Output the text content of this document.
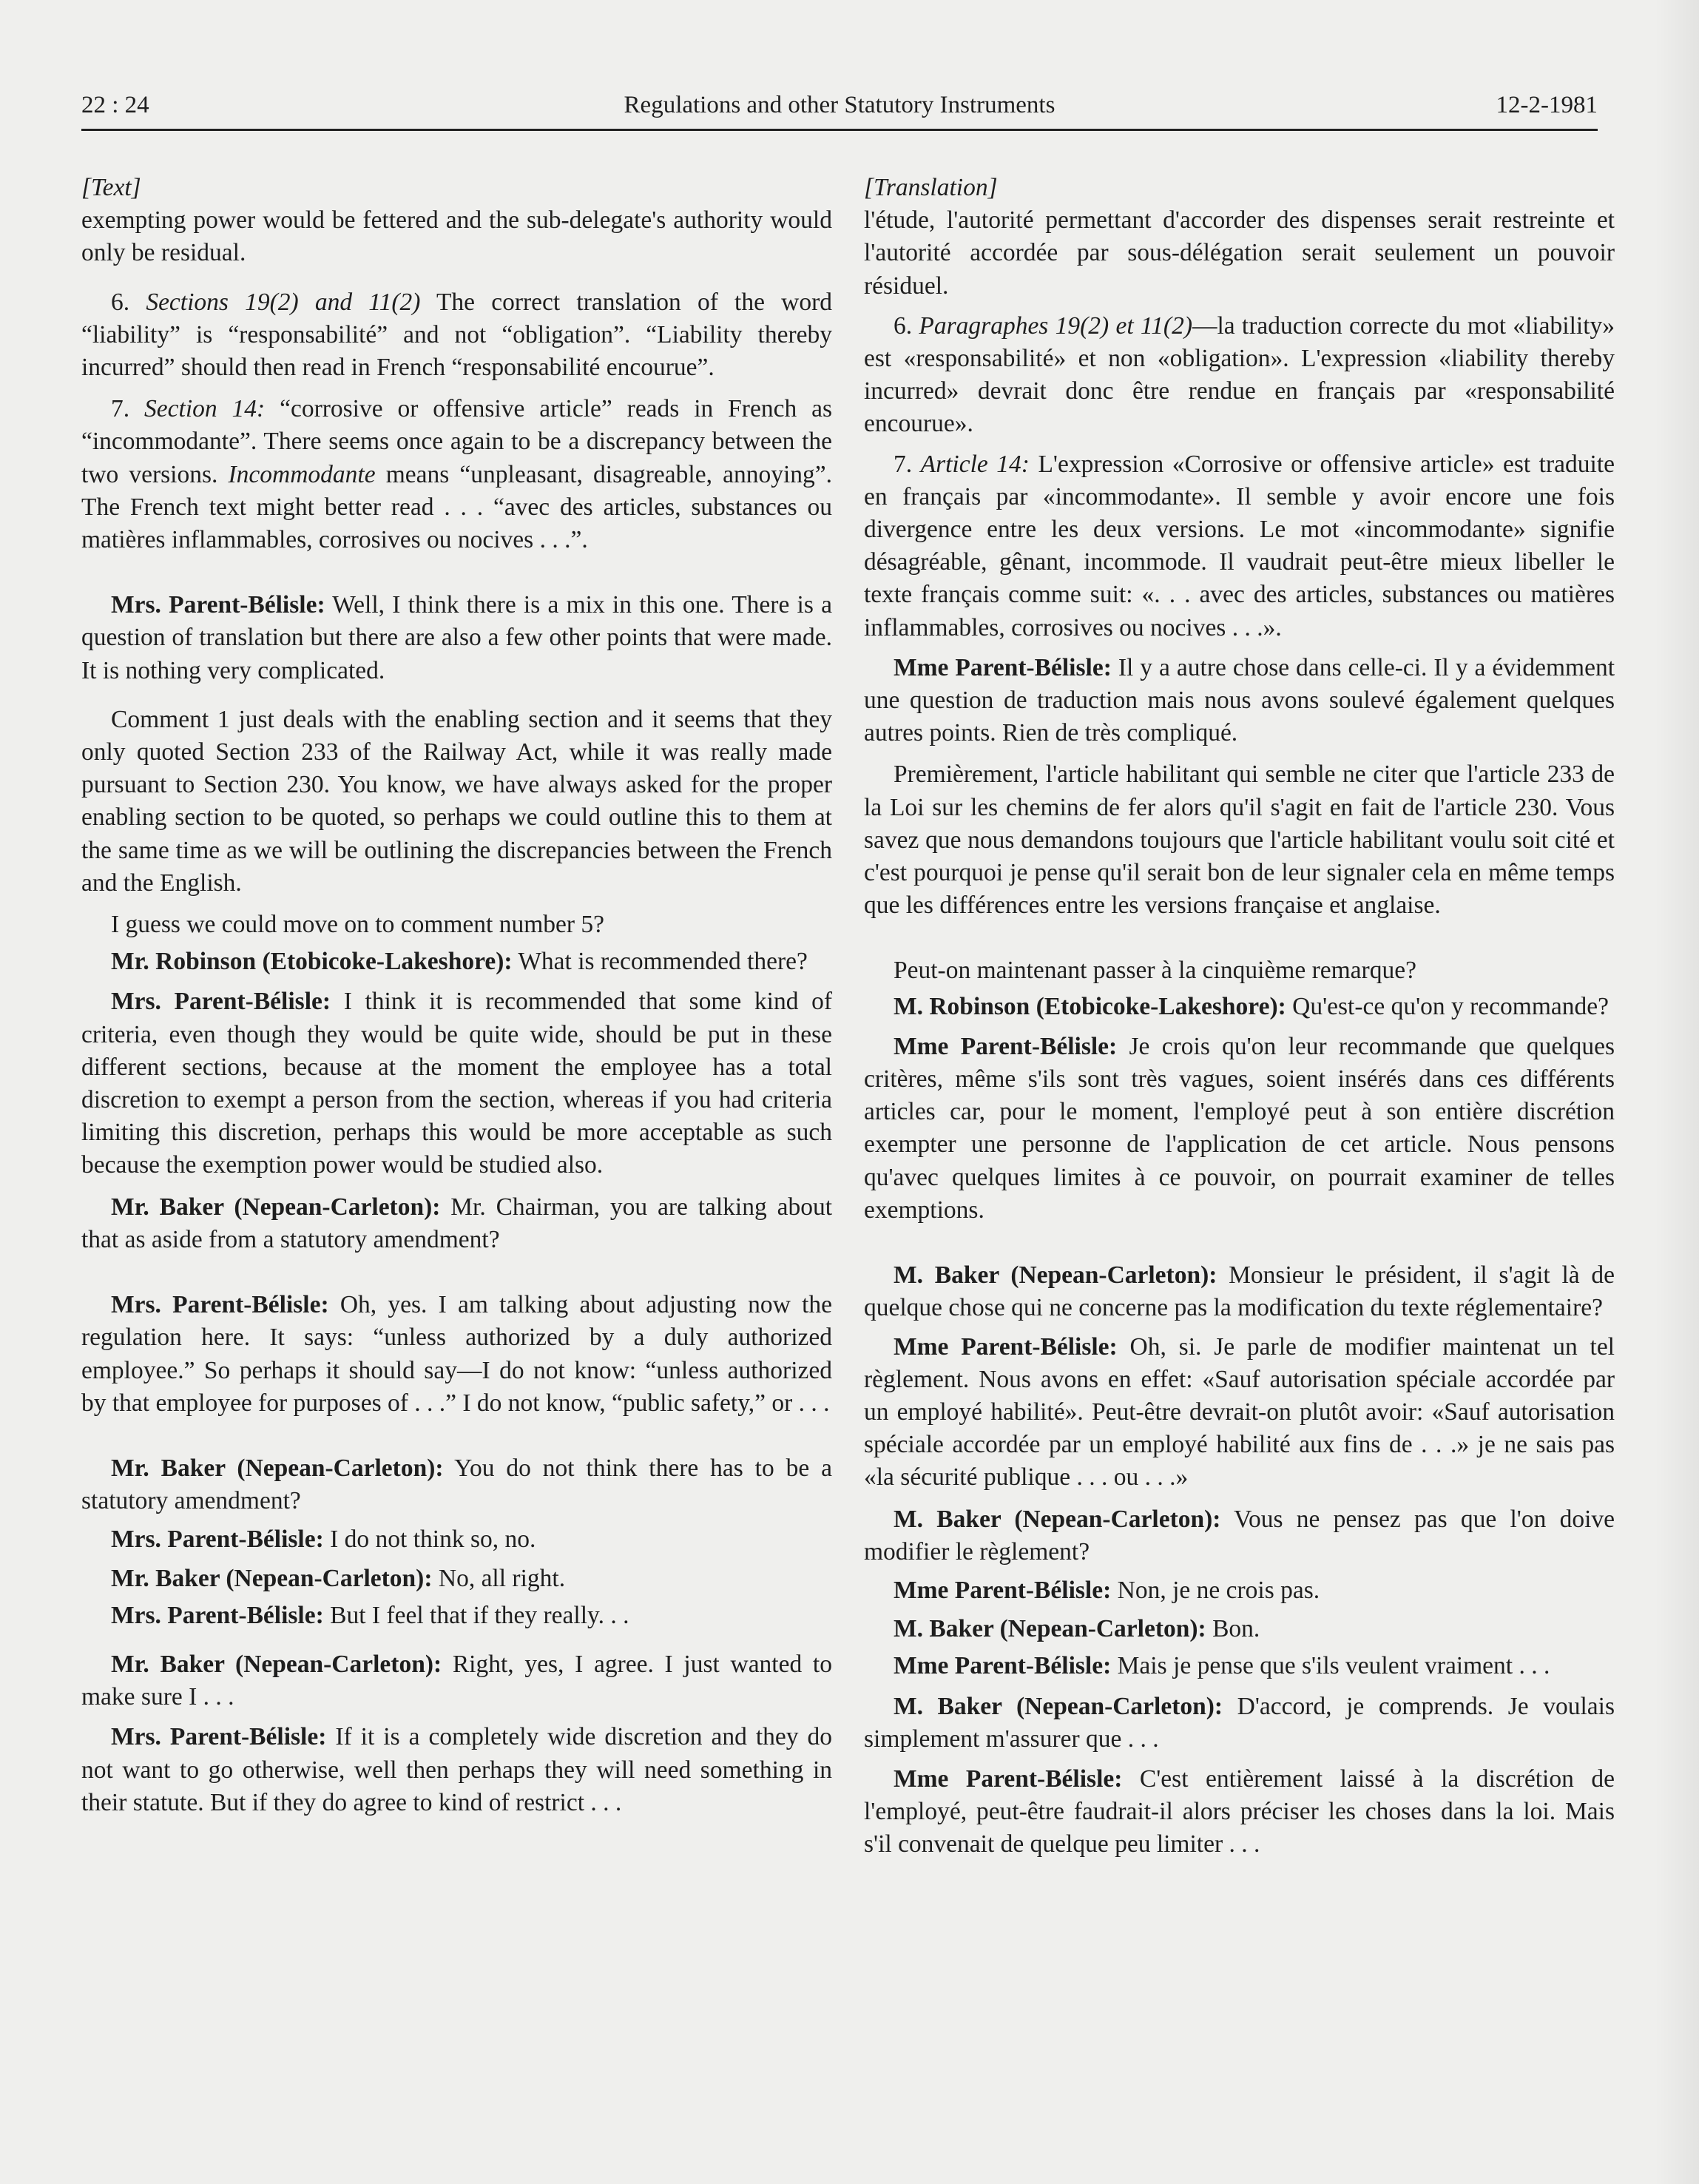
22 : 24	Regulations and other Statutory Instruments	12-2-1981

[Text]

exempting power would be fettered and the sub-delegate's authority would only be residual.

6. Sections 19(2) and 11(2) The correct translation of the word “liability” is “responsabilité” and not “obligation”. “Liability thereby incurred” should then read in French “responsabilité encourue”.

7. Section 14: “corrosive or offensive article” reads in French as “incommodante”. There seems once again to be a discrepancy between the two versions. Incommodante means “unpleasant, disagreable, annoying”. The French text might better read . . . “avec des articles, substances ou matières inflammables, corrosives ou nocives . . .”.

Mrs. Parent-Bélisle: Well, I think there is a mix in this one. There is a question of translation but there are also a few other points that were made. It is nothing very complicated.

Comment 1 just deals with the enabling section and it seems that they only quoted Section 233 of the Railway Act, while it was really made pursuant to Section 230. You know, we have always asked for the proper enabling section to be quoted, so perhaps we could outline this to them at the same time as we will be outlining the discrepancies between the French and the English.

I guess we could move on to comment number 5?

Mr. Robinson (Etobicoke-Lakeshore): What is recommended there?

Mrs. Parent-Bélisle: I think it is recommended that some kind of criteria, even though they would be quite wide, should be put in these different sections, because at the moment the employee has a total discretion to exempt a person from the section, whereas if you had criteria limiting this discretion, perhaps this would be more acceptable as such because the exemption power would be studied also.

Mr. Baker (Nepean-Carleton): Mr. Chairman, you are talking about that as aside from a statutory amendment?

Mrs. Parent-Bélisle: Oh, yes. I am talking about adjusting now the regulation here. It says: “unless authorized by a duly authorized employee.” So perhaps it should say—I do not know: “unless authorized by that employee for purposes of . . .” I do not know, “public safety,” or . . .

Mr. Baker (Nepean-Carleton): You do not think there has to be a statutory amendment?

Mrs. Parent-Bélisle: I do not think so, no.

Mr. Baker (Nepean-Carleton): No, all right.

Mrs. Parent-Bélisle: But I feel that if they really. . .

Mr. Baker (Nepean-Carleton): Right, yes, I agree. I just wanted to make sure I . . .

Mrs. Parent-Bélisle: If it is a completely wide discretion and they do not want to go otherwise, well then perhaps they will need something in their statute. But if they do agree to kind of restrict . . .

[Translation]

l'étude, l'autorité permettant d'accorder des dispenses serait restreinte et l'autorité accordée par sous-délégation serait seulement un pouvoir résiduel.

6. Paragraphes 19(2) et 11(2)—la traduction correcte du mot «liability» est «responsabilité» et non «obligation». L'expression «liability thereby incurred» devrait donc être rendue en français par «responsabilité encourue».

7. Article 14: L'expression «Corrosive or offensive article» est traduite en français par «incommodante». Il semble y avoir encore une fois divergence entre les deux versions. Le mot «incommodante» signifie désagréable, gênant, incommode. Il vaudrait peut-être mieux libeller le texte français comme suit: «. . . avec des articles, substances ou matières inflammables, corrosives ou nocives . . .».

Mme Parent-Bélisle: Il y a autre chose dans celle-ci. Il y a évidemment une question de traduction mais nous avons soulevé également quelques autres points. Rien de très compliqué.

Premièrement, l'article habilitant qui semble ne citer que l'article 233 de la Loi sur les chemins de fer alors qu'il s'agit en fait de l'article 230. Vous savez que nous demandons toujours que l'article habilitant voulu soit cité et c'est pourquoi je pense qu'il serait bon de leur signaler cela en même temps que les différences entre les versions française et anglaise.

Peut-on maintenant passer à la cinquième remarque?

M. Robinson (Etobicoke-Lakeshore): Qu'est-ce qu'on y recommande?

Mme Parent-Bélisle: Je crois qu'on leur recommande que quelques critères, même s'ils sont très vagues, soient insérés dans ces différents articles car, pour le moment, l'employé peut à son entière discrétion exempter une personne de l'application de cet article. Nous pensons qu'avec quelques limites à ce pouvoir, on pourrait examiner de telles exemptions.

M. Baker (Nepean-Carleton): Monsieur le président, il s'agit là de quelque chose qui ne concerne pas la modification du texte réglementaire?

Mme Parent-Bélisle: Oh, si. Je parle de modifier maintenat un tel règlement. Nous avons en effet: «Sauf autorisation spéciale accordée par un employé habilité». Peut-être devrait-on plutôt avoir: «Sauf autorisation spéciale accordée par un employé habilité aux fins de . . .» je ne sais pas «la sécurité publique . . . ou . . .»

M. Baker (Nepean-Carleton): Vous ne pensez pas que l'on doive modifier le règlement?

Mme Parent-Bélisle: Non, je ne crois pas.

M. Baker (Nepean-Carleton): Bon.

Mme Parent-Bélisle: Mais je pense que s'ils veulent vraiment . . .

M. Baker (Nepean-Carleton): D'accord, je comprends. Je voulais simplement m'assurer que . . .

Mme Parent-Bélisle: C'est entièrement laissé à la discrétion de l'employé, peut-être faudrait-il alors préciser les choses dans la loi. Mais s'il convenait de quelque peu limiter . . .
